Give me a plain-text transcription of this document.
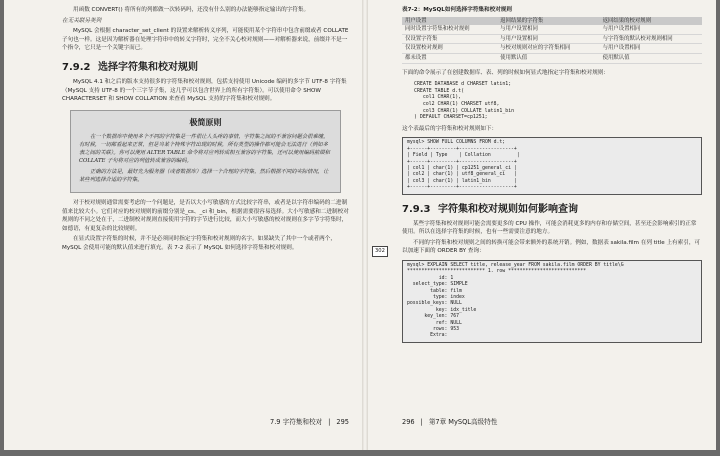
用函数 CONVERT() 将所有的列都做一次转码吗，还没有什么别的办法能够指定输出的字符集。

在无关联另类列

MySQL 会根据 character_set_client 的设置来解析转义序列，可能使用某个字符串中包含前缀或者 COLLATE 子句也一样。这是因为解析器在处理字符串中的转义字符时，完全不关心校对规则——对解析器来说，前缀并不是一个指令，它只是一个关键字而已。

7.9.2 选择字符集和校对规则

MySQL 4.1 和之后的版本支持很多的字符集和校对规则，包括支持使用 Unicode 编码的多字节 UTF-8 字符集（MySQL 支持 UTF-8 的一个三字节子集，这几乎可以包含世界上的所有字符集）。可以使用命令 SHOW CHARACTERSET 和 SHOW COLLATION 来查看 MySQL 支持的字符集和校对规则。

极简原则

在一个数据库中使用多个不同的字符集是一件很让人头疼的事情，字符集之间的不兼容问题会很难缠。有时候，一切都看起来正常，但是当某个特殊字符出现的时候，所有类型的操作都可能会无法进行（例如多表之间的关联）。你可以使用 ALTER TABLE 命令将对应列转成相互兼容的字符集，还可以使用编码前缀和 COLLATE 子句将对应的列值转成兼容的编码。

正确的方法是，最好先为服务器（或者数据库）选择一个合理的字符集，然后根据不同的实际情况，让某些列选择合适的字符集。

对于校对规则通常需要考虑的一个问题是，是否以大小写敏感的方式比较字符串，或者是以字符串编码的二进制值来比较大小。它们对应的校对规则的前缀分别是_cs、_ci 和_bin，根据需要很容易选择。大小写敏感和二进制校对规则的不同之处在于，二进制校对规则直接使用字符的字节进行比较，而大小写敏感的校对规则在多字节字符集时，如德语，有更复杂的比较规则。

在显式设置字符集的时候，并不是必须同时指定字符集和校对规则的名字。如果缺失了其中一个或者两个，MySQL 会使用可能的默认值来进行填充。表 7-2 表示了 MySQL 如何选择字符集和校对规则。

7.9 字符集和校对 | 295
表7-2：MySQL如何选择字符集和校对规则
用户设置	返回结果的字符集	返回结果的校对规则
同时设置字符集和校对规则	与用户设置相同	与用户设置相同
仅设置字符集	与用户设置相同	与字符集的默认校对规则相同
仅设置校对规则	与校对规则对应的字符集相同	与用户设置相同
都未设置	使用默认值	使用默认值

下面的命令展示了在创建数据库、表、列的时候如何显式地指定字符集和校对规则：

CREATE DATABASE d CHARSET latin1;
CREATE TABLE d.t(
col1 CHAR(1),
col2 CHAR(1) CHARSET utf8,
col3 CHAR(1) COLLATE latin1_bin
) DEFAULT CHARSET=cp1251;

这个表最后的字符集和校对规则如下：

mysql> SHOW FULL COLUMNS FROM d.t;
+------+---------+-------------------+
| Field | Type    | Collation         |
+------+---------+-------------------+
| col1 | char(1) | cp1251_general_ci |
| col2 | char(1) | utf8_general_ci   |
| col3 | char(1) | latin1_bin        |
+------+---------+-------------------+
7.9.3 字符集和校对规则如何影响查询

某些字符集和校对规则可能会需要更多的 CPU 操作，可能会消耗更多的内存和存储空间，甚至还会影响索引的正常使用。所以在选择字符集的时候，也有一些需要注意的地方。

不同的字符集和校对规则之间的转换可能会带来额外的系统开销。例如，数据表 sakila.film 在列 title 上有索引，可以加速下面的 ORDER BY 查询：

302
mysql> EXPLAIN SELECT title, release_year FROM sakila.film ORDER BY title\G
*************************** 1. row ***************************
id: 1
select_type: SIMPLE
table: film
type: index
possible_keys: NULL
key: idx_title
key_len: 767
ref: NULL
rows: 953
Extra:
296 | 第7章 MySQL高级特性
